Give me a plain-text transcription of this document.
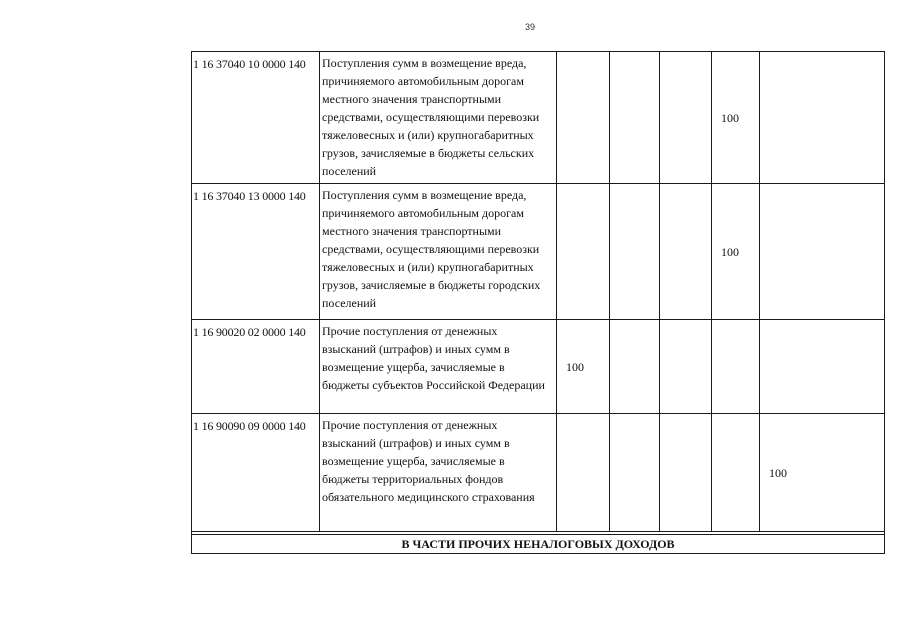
39
1 16 37040 10 0000 140	Поступления сумм в возмещение вреда, причиняемого автомобильным дорогам местного значения транспортными средствами, осуществляющими перевозки тяжеловесных и (или) крупногабаритных грузов, зачисляемые в бюджеты сельских поселений				100	
1 16 37040 13 0000 140	Поступления сумм в возмещение вреда, причиняемого автомобильным дорогам местного значения транспортными средствами, осуществляющими перевозки тяжеловесных и (или) крупногабаритных грузов, зачисляемые в бюджеты городских поселений				100	
1 16 90020 02 0000 140	Прочие поступления от денежных взысканий (штрафов) и иных сумм в возмещение ущерба, зачисляемые в бюджеты субъектов Российской Федерации	100				
1 16 90090 09 0000 140	Прочие поступления от денежных взысканий (штрафов) и иных сумм в возмещение ущерба, зачисляемые в бюджеты территориальных фондов обязательного медицинского страхования					100

В ЧАСТИ ПРОЧИХ НЕНАЛОГОВЫХ ДОХОДОВ						
